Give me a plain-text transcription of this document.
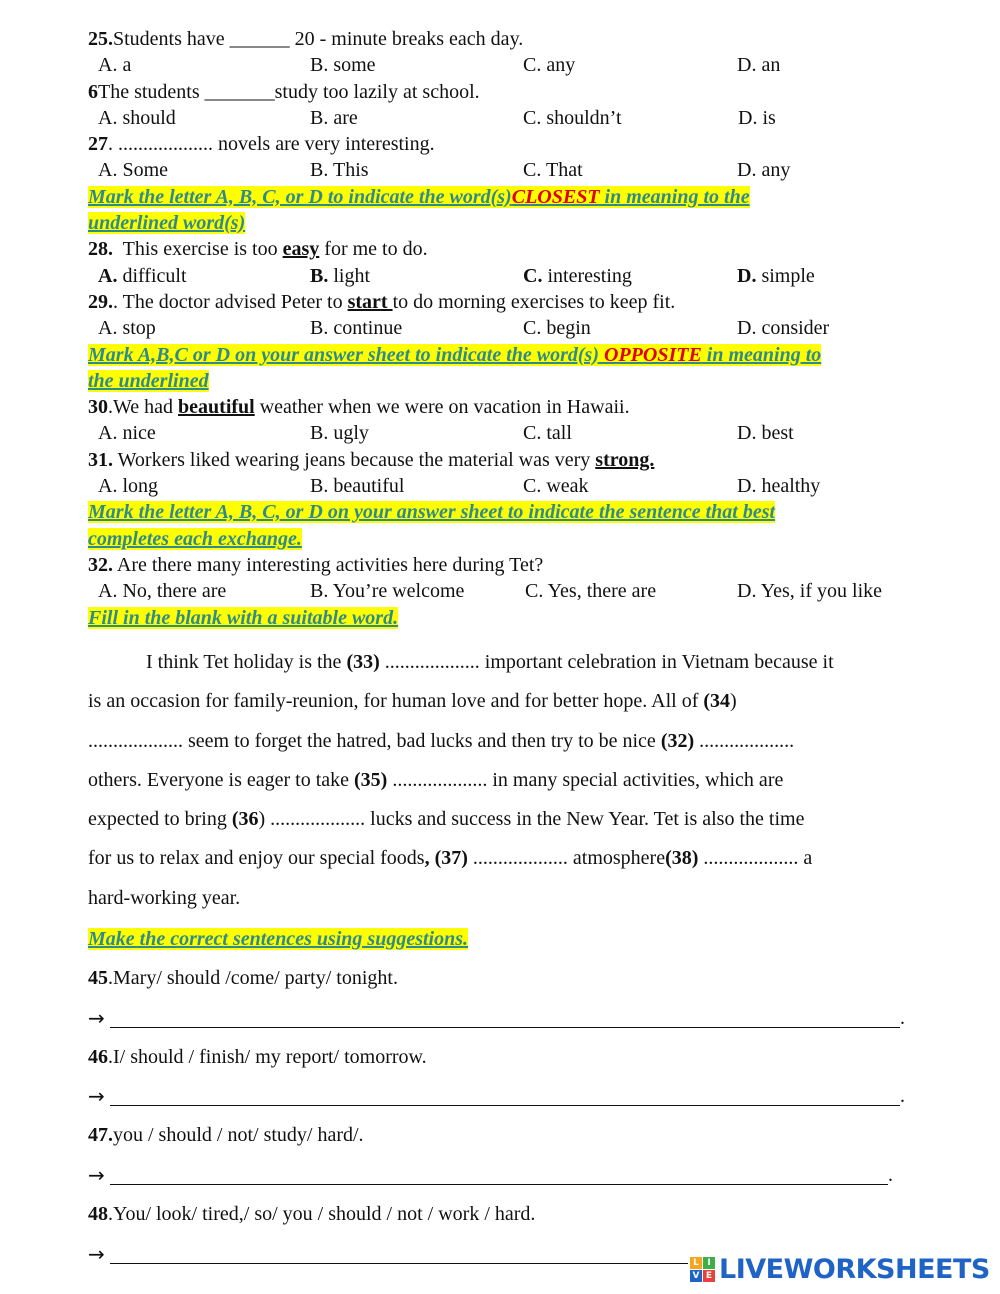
25.Students have ______ 20 - minute breaks each day.
A. a	B. some	C. any	D. an
6The students _______study too lazily at school.
A. should	B. are	C. shouldn’t	D. is
27. ................... novels are very interesting.
A. Some	B. This	C. That	D. any
Mark the letter A, B, C, or D to indicate the word(s)CLOSEST in meaning to the
underlined word(s)
28.  This exercise is too easy for me to do.
A. difficult	B. light	C. interesting	D. simple
29.. The doctor advised Peter to start to do morning exercises to keep fit.
A. stop	B. continue	C. begin	D. consider
Mark A,B,C or D on your answer sheet to indicate the word(s) OPPOSITE in meaning to
the underlined
30.We had beautiful weather when we were on vacation in Hawaii.
A. nice	B. ugly	C. tall	D. best
31. Workers liked wearing jeans because the material was very strong.
A. long	B. beautiful	C. weak	D. healthy
Mark the letter A, B, C, or D on your answer sheet to indicate the sentence that best
completes each exchange.
32. Are there many interesting activities here during Tet?
A. No, there are	B. You’re welcome	C. Yes, there are	D. Yes, if you like
Fill in the blank with a suitable word.
I think Tet holiday is the (33) ................... important celebration in Vietnam because it
is an occasion for family-reunion, for human love and for better hope. All of (34)
................... seem to forget the hatred, bad lucks and then try to be nice (32) ...................
others. Everyone is eager to take (35) ................... in many special activities, which are
expected to bring (36) ................... lucks and success in the New Year. Tet is also the time
for us to relax and enjoy our special foods, (37) ................... atmosphere(38) ................... a
hard-working year.
Make the correct sentences using suggestions.
45.Mary/ should /come/ party/ tonight.
→	.
46.I/ should / finish/ my report/ tomorrow.
→	.
47.you / should / not/ study/ hard/.
→	.
48.You/ look/ tired,/ so/ you / should / not / work / hard.
→	L I
V E LIVEWORKSHEETS
